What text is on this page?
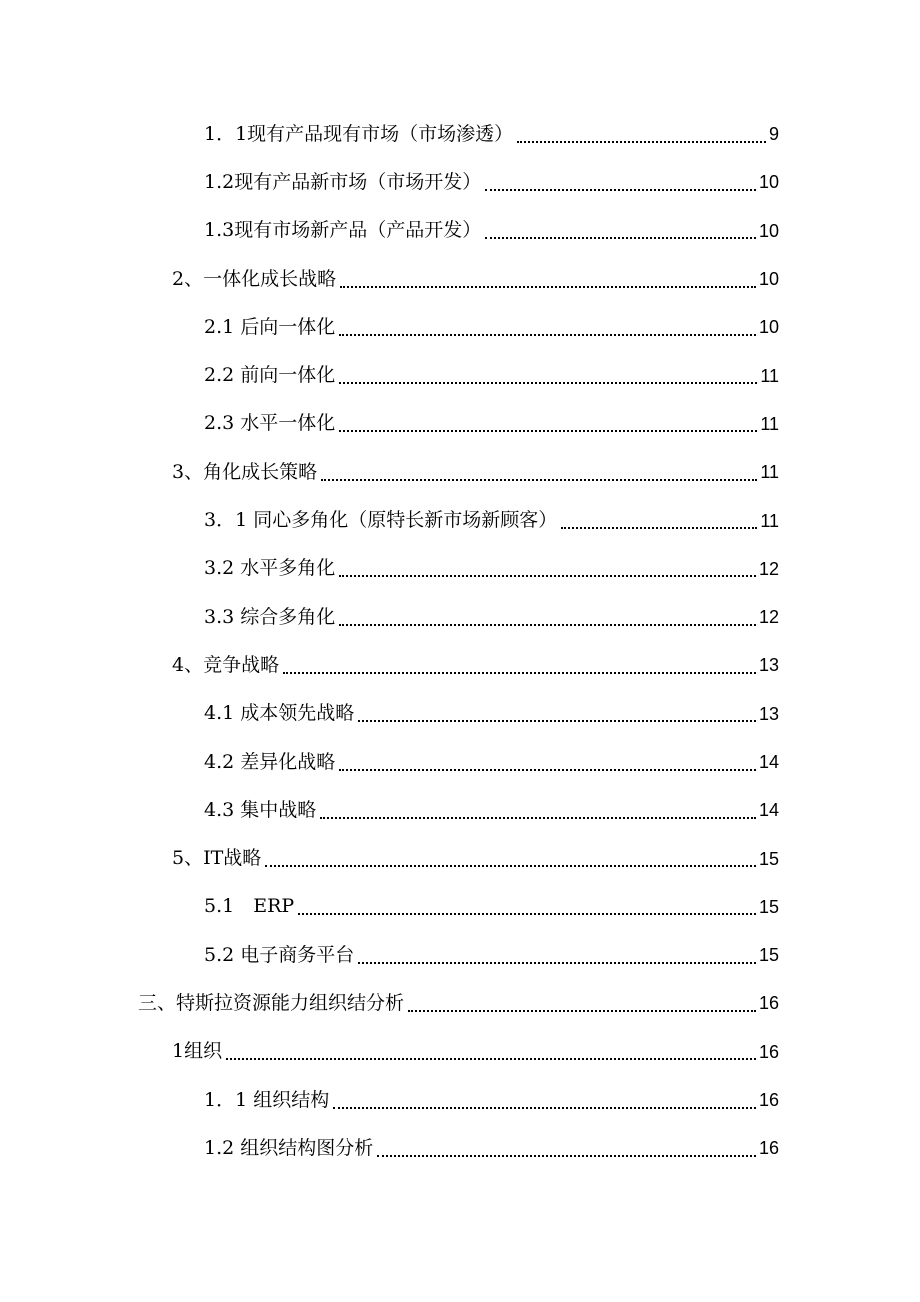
1．1现有产品现有市场（市场渗透）	9
1.2现有产品新市场（市场开发）	10
1.3现有市场新产品（产品开发）	10
2、一体化成长战略	10
2.1 后向一体化	10
2.2 前向一体化	11
2.3 水平一体化	11
3、角化成长策略	11
3．1 同心多角化（原特长新市场新顾客）	11
3.2 水平多角化	12
3.3 综合多角化	12
4、竞争战略	13
4.1 成本领先战略	13
4.2 差异化战略	14
4.3 集中战略	14
5、IT战略	15
5.1　ERP	15
5.2 电子商务平台	15
三、特斯拉资源能力组织结分析	16
1组织	16
1．1 组织结构	16
1.2 组织结构图分析	16
